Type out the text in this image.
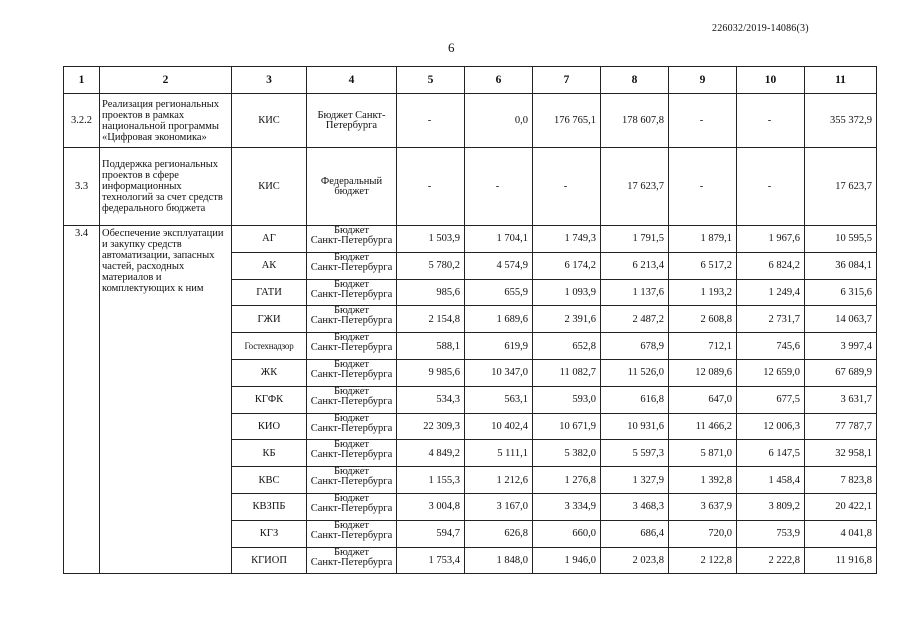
226032/2019-14086(3)
6
1	2	3	4	5	6	7	8	9	10	11
3.2.2	Реализация региональных проектов в рамках национальной программы «Цифровая экономика»	КИС	Бюджет Санкт-Петербурга	-	0,0	176 765,1	178 607,8	-	-	355 372,9
3.3	Поддержка региональных проектов в сфере информационных технологий за счет средств федерального бюджета	КИС	Федеральный бюджет	-	-	-	17 623,7	-	-	17 623,7
3.4	Обеспечение эксплуатации и закупку средств автоматизации, запасных частей, расходных материалов и комплектующих к ним	АГ	Бюджет
Санкт-Петербурга	1 503,9	1 704,1	1 749,3	1 791,5	1 879,1	1 967,6	10 595,5
		АК	Бюджет
Санкт-Петербурга	5 780,2	4 574,9	6 174,2	6 213,4	6 517,2	6 824,2	36 084,1
		ГАТИ	Бюджет
Санкт-Петербурга	985,6	655,9	1 093,9	1 137,6	1 193,2	1 249,4	6 315,6
		ГЖИ	Бюджет
Санкт-Петербурга	2 154,8	1 689,6	2 391,6	2 487,2	2 608,8	2 731,7	14 063,7
		Гостехнадзор	Бюджет
Санкт-Петербурга	588,1	619,9	652,8	678,9	712,1	745,6	3 997,4
		ЖК	Бюджет
Санкт-Петербурга	9 985,6	10 347,0	11 082,7	11 526,0	12 089,6	12 659,0	67 689,9
		КГФК	Бюджет
Санкт-Петербурга	534,3	563,1	593,0	616,8	647,0	677,5	3 631,7
		КИО	Бюджет
Санкт-Петербурга	22 309,3	10 402,4	10 671,9	10 931,6	11 466,2	12 006,3	77 787,7
		КБ	Бюджет
Санкт-Петербурга	4 849,2	5 111,1	5 382,0	5 597,3	5 871,0	6 147,5	32 958,1
		КВС	Бюджет
Санкт-Петербурга	1 155,3	1 212,6	1 276,8	1 327,9	1 392,8	1 458,4	7 823,8
		КВЗПБ	Бюджет
Санкт-Петербурга	3 004,8	3 167,0	3 334,9	3 468,3	3 637,9	3 809,2	20 422,1
		КГЗ	Бюджет
Санкт-Петербурга	594,7	626,8	660,0	686,4	720,0	753,9	4 041,8
		КГИОП	Бюджет
Санкт-Петербурга	1 753,4	1 848,0	1 946,0	2 023,8	2 122,8	2 222,8	11 916,8
